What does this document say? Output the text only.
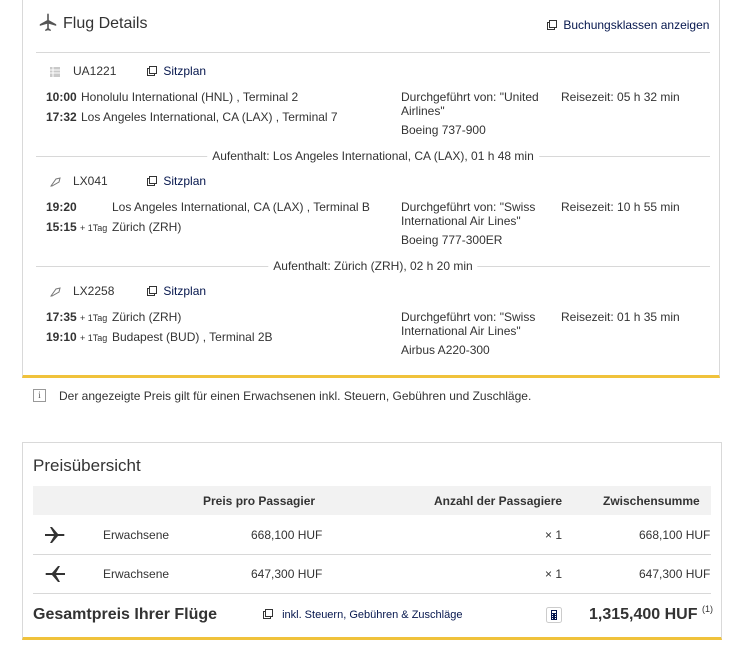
Flug Details	Buchungsklassen anzeigen
UA1221	Sitzplan
10:00 Honolulu International (HNL) , Terminal 2
17:32 Los Angeles International, CA (LAX) , Terminal 7
Durchgeführt von: "United Airlines"
Boeing 737-900
Reisezeit: 05 h 32 min
Aufenthalt: Los Angeles International, CA (LAX), 01 h 48 min
LX041	Sitzplan
19:20	Los Angeles International, CA (LAX) , Terminal B
15:15 + 1Tag Zürich (ZRH)
Durchgeführt von: "Swiss International Air Lines"
Boeing 777-300ER
Reisezeit: 10 h 55 min
Aufenthalt: Zürich (ZRH), 02 h 20 min
LX2258	Sitzplan
17:35 + 1Tag Zürich (ZRH)
19:10 + 1Tag Budapest (BUD) , Terminal 2B
Durchgeführt von: "Swiss International Air Lines"
Airbus A220-300
Reisezeit: 01 h 35 min
i	Der angezeigte Preis gilt für einen Erwachsenen inkl. Steuern, Gebühren und Zuschläge.
Preisübersicht
Preis pro Passagier	Anzahl der Passagiere	Zwischensumme
Erwachsene	668,100 HUF	× 1	668,100 HUF
Erwachsene	647,300 HUF	× 1	647,300 HUF
Gesamtpreis Ihrer Flüge	inkl. Steuern, Gebühren & Zuschläge	1,315,400 HUF $^{(1)}$
